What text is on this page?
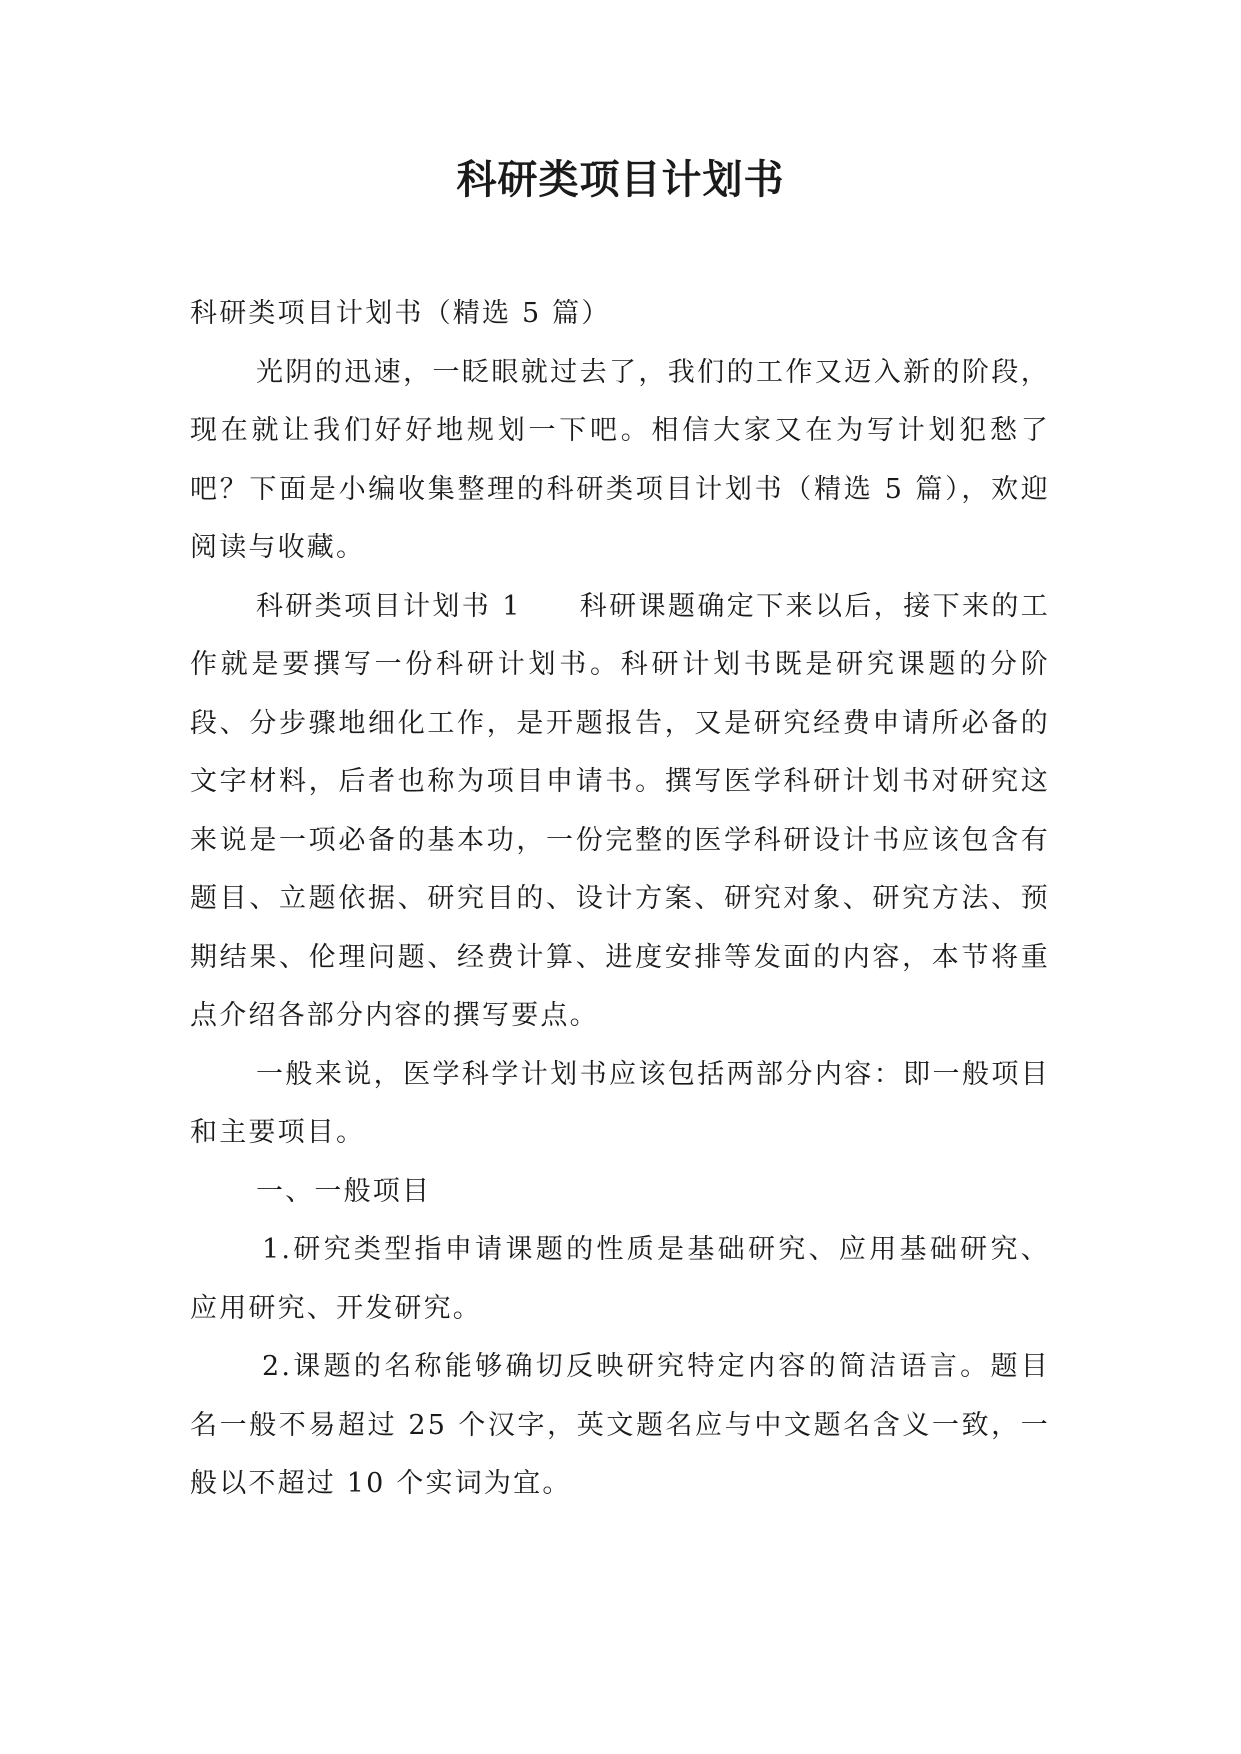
科研类项目计划书

科研类项目计划书（精选 5 篇）

光阴的迅速，一眨眼就过去了，我们的工作又迈入新的阶段，现在就让我们好好地规划一下吧。相信大家又在为写计划犯愁了吧？下面是小编收集整理的科研类项目计划书（精选 5 篇），欢迎阅读与收藏。

科研类项目计划书 1 科研课题确定下来以后，接下来的工作就是要撰写一份科研计划书。科研计划书既是研究课题的分阶段、分步骤地细化工作，是开题报告，又是研究经费申请所必备的文字材料，后者也称为项目申请书。撰写医学科研计划书对研究这来说是一项必备的基本功，一份完整的医学科研设计书应该包含有题目、立题依据、研究目的、设计方案、研究对象、研究方法、预期结果、伦理问题、经费计算、进度安排等发面的内容，本节将重点介绍各部分内容的撰写要点。

一般来说，医学科学计划书应该包括两部分内容：即一般项目和主要项目。

一、一般项目

1.研究类型指申请课题的性质是基础研究、应用基础研究、应用研究、开发研究。

2.课题的名称能够确切反映研究特定内容的简洁语言。题目名一般不易超过 25 个汉字，英文题名应与中文题名含义一致，一般以不超过 10 个实词为宜。
